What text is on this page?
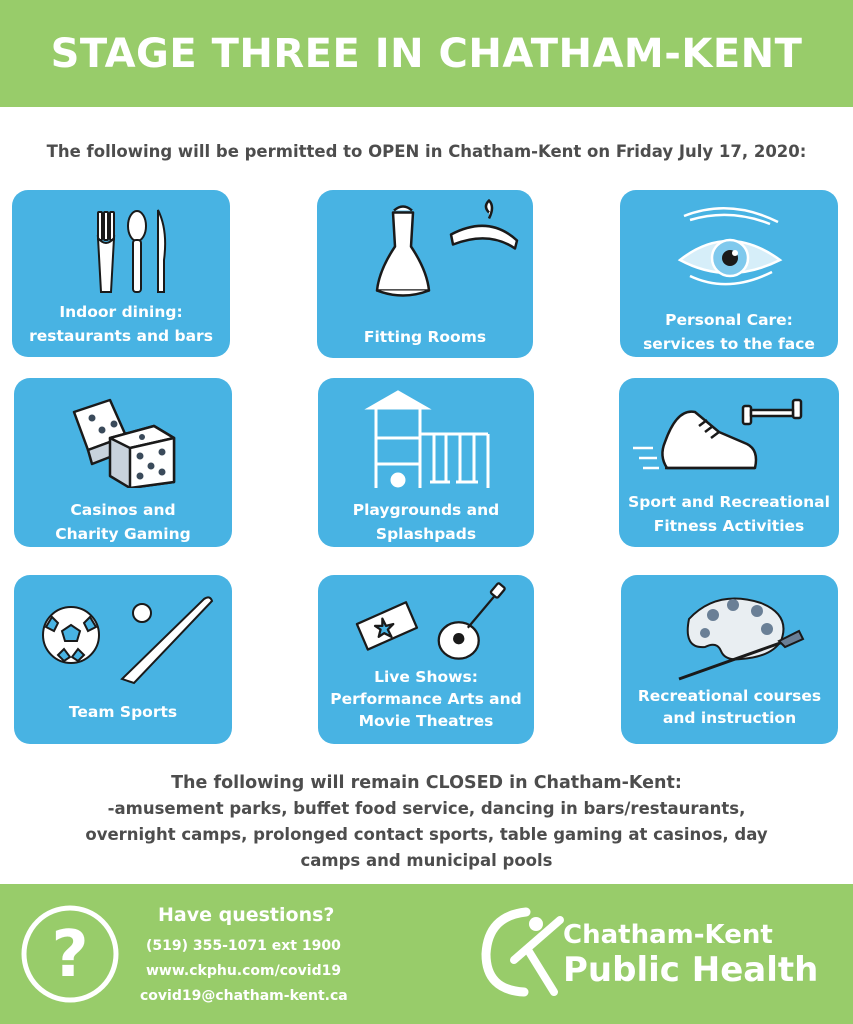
STAGE THREE IN CHATHAM-KENT
The following will be permitted to OPEN in Chatham-Kent on Friday July 17, 2020:
Indoor dining:
restaurants and bars	Fitting Rooms
Personal Care:
services to the face
Casinos and
Charity Gaming
Playgrounds and
Splashpads
Sport and Recreational
Fitness Activities
Team Sports
Live Shows:
Performance Arts and
Movie Theatres
Recreational courses
and instruction
The following will remain CLOSED in Chatham-Kent:
-amusement parks, buffet food service, dancing in bars/restaurants,
overnight camps, prolonged contact sports, table gaming at casinos, day
camps and municipal pools
?
Have questions?
(519) 355-1071 ext 1900
www.ckphu.com/covid19
covid19@chatham-kent.ca
Chatham-Kent
Public Health
